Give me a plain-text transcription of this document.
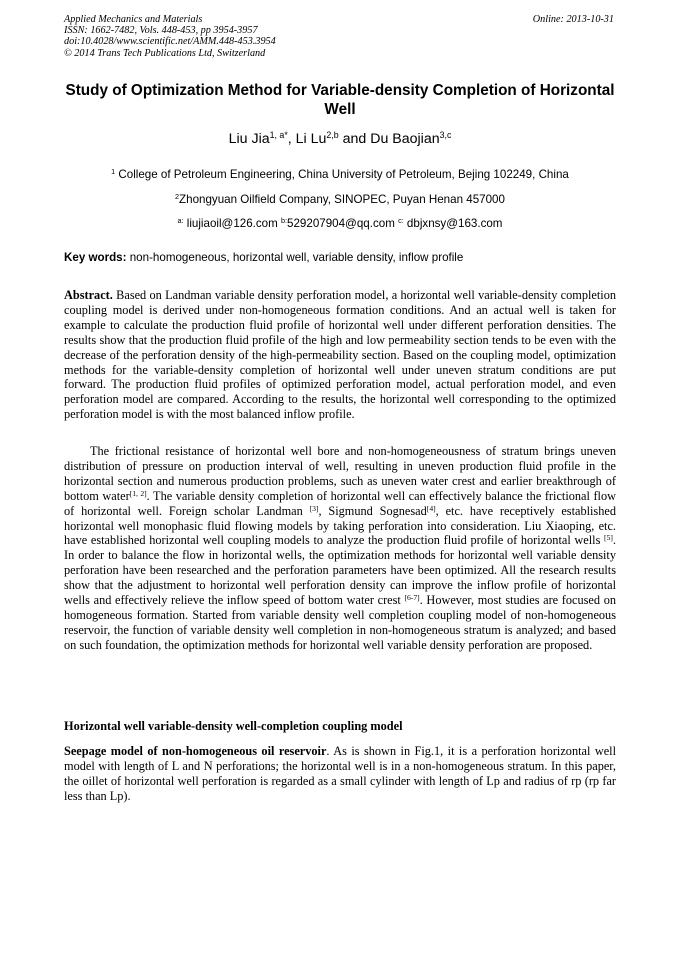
Applied Mechanics and Materials
ISSN: 1662-7482, Vols. 448-453, pp 3954-3957
doi:10.4028/www.scientific.net/AMM.448-453.3954
© 2014 Trans Tech Publications Ltd, Switzerland
Online: 2013-10-31
Study of Optimization Method for Variable-density Completion of Horizontal Well
Liu Jia$^{1, a*}$, Li Lu$^{2,b}$ and Du Baojian$^{3,c}$
$^1$ College of Petroleum Engineering, China University of Petroleum, Bejing 102249, China
$^2$Zhongyuan Oilfield Company, SINOPEC, Puyan Henan 457000
$^{a:}$ liujiaoil@126.com $^{b:}$529207904@qq.com $^{c:}$ dbjxnsy@163.com
Key words: non-homogeneous, horizontal well, variable density, inflow profile
Abstract. Based on Landman variable density perforation model, a horizontal well variable-density completion coupling model is derived under non-homogeneous formation conditions. And an actual well is taken for example to calculate the production fluid profile of horizontal well under different perforation densities. The results show that the production fluid profile of the high and low permeability section tends to be even with the decrease of the perforation density of the high-permeability section. Based on the coupling model, optimization methods for the variable-density completion of horizontal well under uneven stratum conditions are put forward. The production fluid profiles of optimized perforation model, actual perforation model, and even perforation model are compared. According to the results, the horizontal well corresponding to the optimized perforation model is with the most balanced inflow profile.
The frictional resistance of horizontal well bore and non-homogeneousness of stratum brings uneven distribution of pressure on production interval of well, resulting in uneven production fluid profile in the horizontal section and numerous production problems, such as uneven water crest and earlier breakthrough of bottom water[1, 2]. The variable density completion of horizontal well can effectively balance the frictional flow of horizontal well. Foreign scholar Landman [3], Sigmund Sognesad[4], etc. have receptively established horizontal well monophasic fluid flowing models by taking perforation into consideration. Liu Xiaoping, etc. have established horizontal well coupling models to analyze the production fluid profile of horizontal wells [5]. In order to balance the flow in horizontal wells, the optimization methods for horizontal well variable density perforation have been researched and the perforation parameters have been optimized. All the research results show that the adjustment to horizontal well perforation density can improve the inflow profile of horizontal wells and effectively relieve the inflow speed of bottom water crest [6-7]. However, most studies are focused on homogeneous formation. Started from variable density well completion coupling model of non-homogeneous reservoir, the function of variable density well completion in non-homogeneous stratum is analyzed; and based on such foundation, the optimization methods for horizontal well variable density perforation are proposed.
Horizontal well variable-density well-completion coupling model
Seepage model of non-homogeneous oil reservoir. As is shown in Fig.1, it is a perforation horizontal well model with length of L and N perforations; the horizontal well is in a non-homogeneous stratum. In this paper, the oillet of horizontal well perforation is regarded as a small cylinder with length of Lp and radius of rp (rp far less than Lp).
